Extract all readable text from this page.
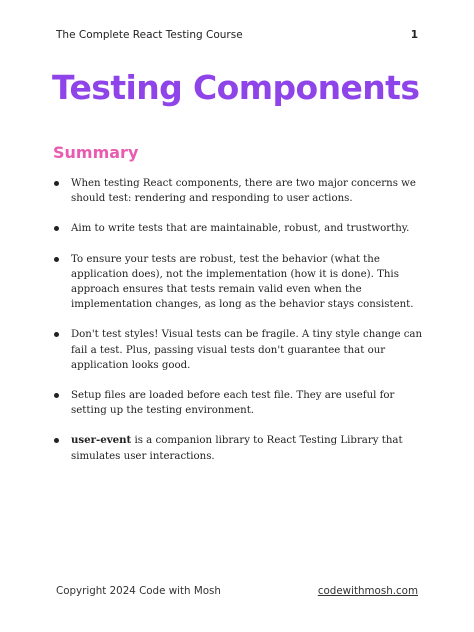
The Complete React Testing Course	1
Testing Components
Summary
When testing React components, there are two major concerns we should test: rendering and responding to user actions.
Aim to write tests that are maintainable, robust, and trustworthy.
To ensure your tests are robust, test the behavior (what the application does), not the implementation (how it is done). This approach ensures that tests remain valid even when the implementation changes, as long as the behavior stays consistent.
Don't test styles! Visual tests can be fragile. A tiny style change can fail a test. Plus, passing visual tests don't guarantee that our application looks good.
Setup files are loaded before each test file. They are useful for setting up the testing environment.
user-event is a companion library to React Testing Library that simulates user interactions.
Copyright 2024 Code with Mosh	codewithmosh.com
